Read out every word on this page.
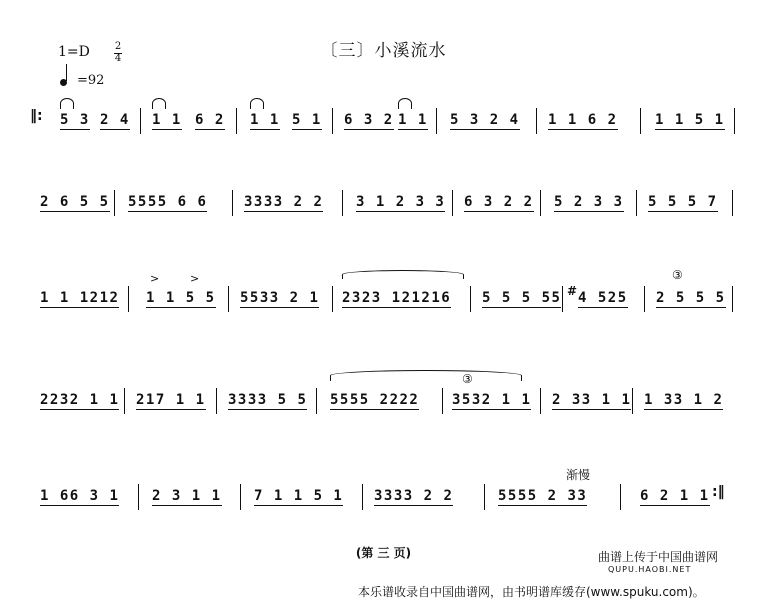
〔三〕小溪流水
1=D 2
4
=92
‖: 5 3 2 4 1 1 6 2 1 1 5 1 6 3 2 1 1 5 3 2 4 1 1 6 2	1 1 5 1
2 6 5 5 5555 6 6	3333 2 2 3 1 2 3 3 6 3 2 2 5 2 3 3 5 5 5 7
1 1 1212 1 1 5 5
>	>
5533 2 1 2323 121216 5 5 5 55 # 4 525
③
2 5 5 5
2232 1 1 217 1 1 3333 5 5 5555 2222
③
3532 1 1 2 33 1 1 1 33 1 2
1 66 3 1 2 3 1 1 7 1 1 5 1 3333 2 2
渐慢
5555 2 33	6 2 1 1 :‖
(第 三 页)	曲谱上传于中国曲谱网
QUPU.HAOBI.NET
本乐谱收录自中国曲谱网，由书明谱库缓存(www.spuku.com)。
